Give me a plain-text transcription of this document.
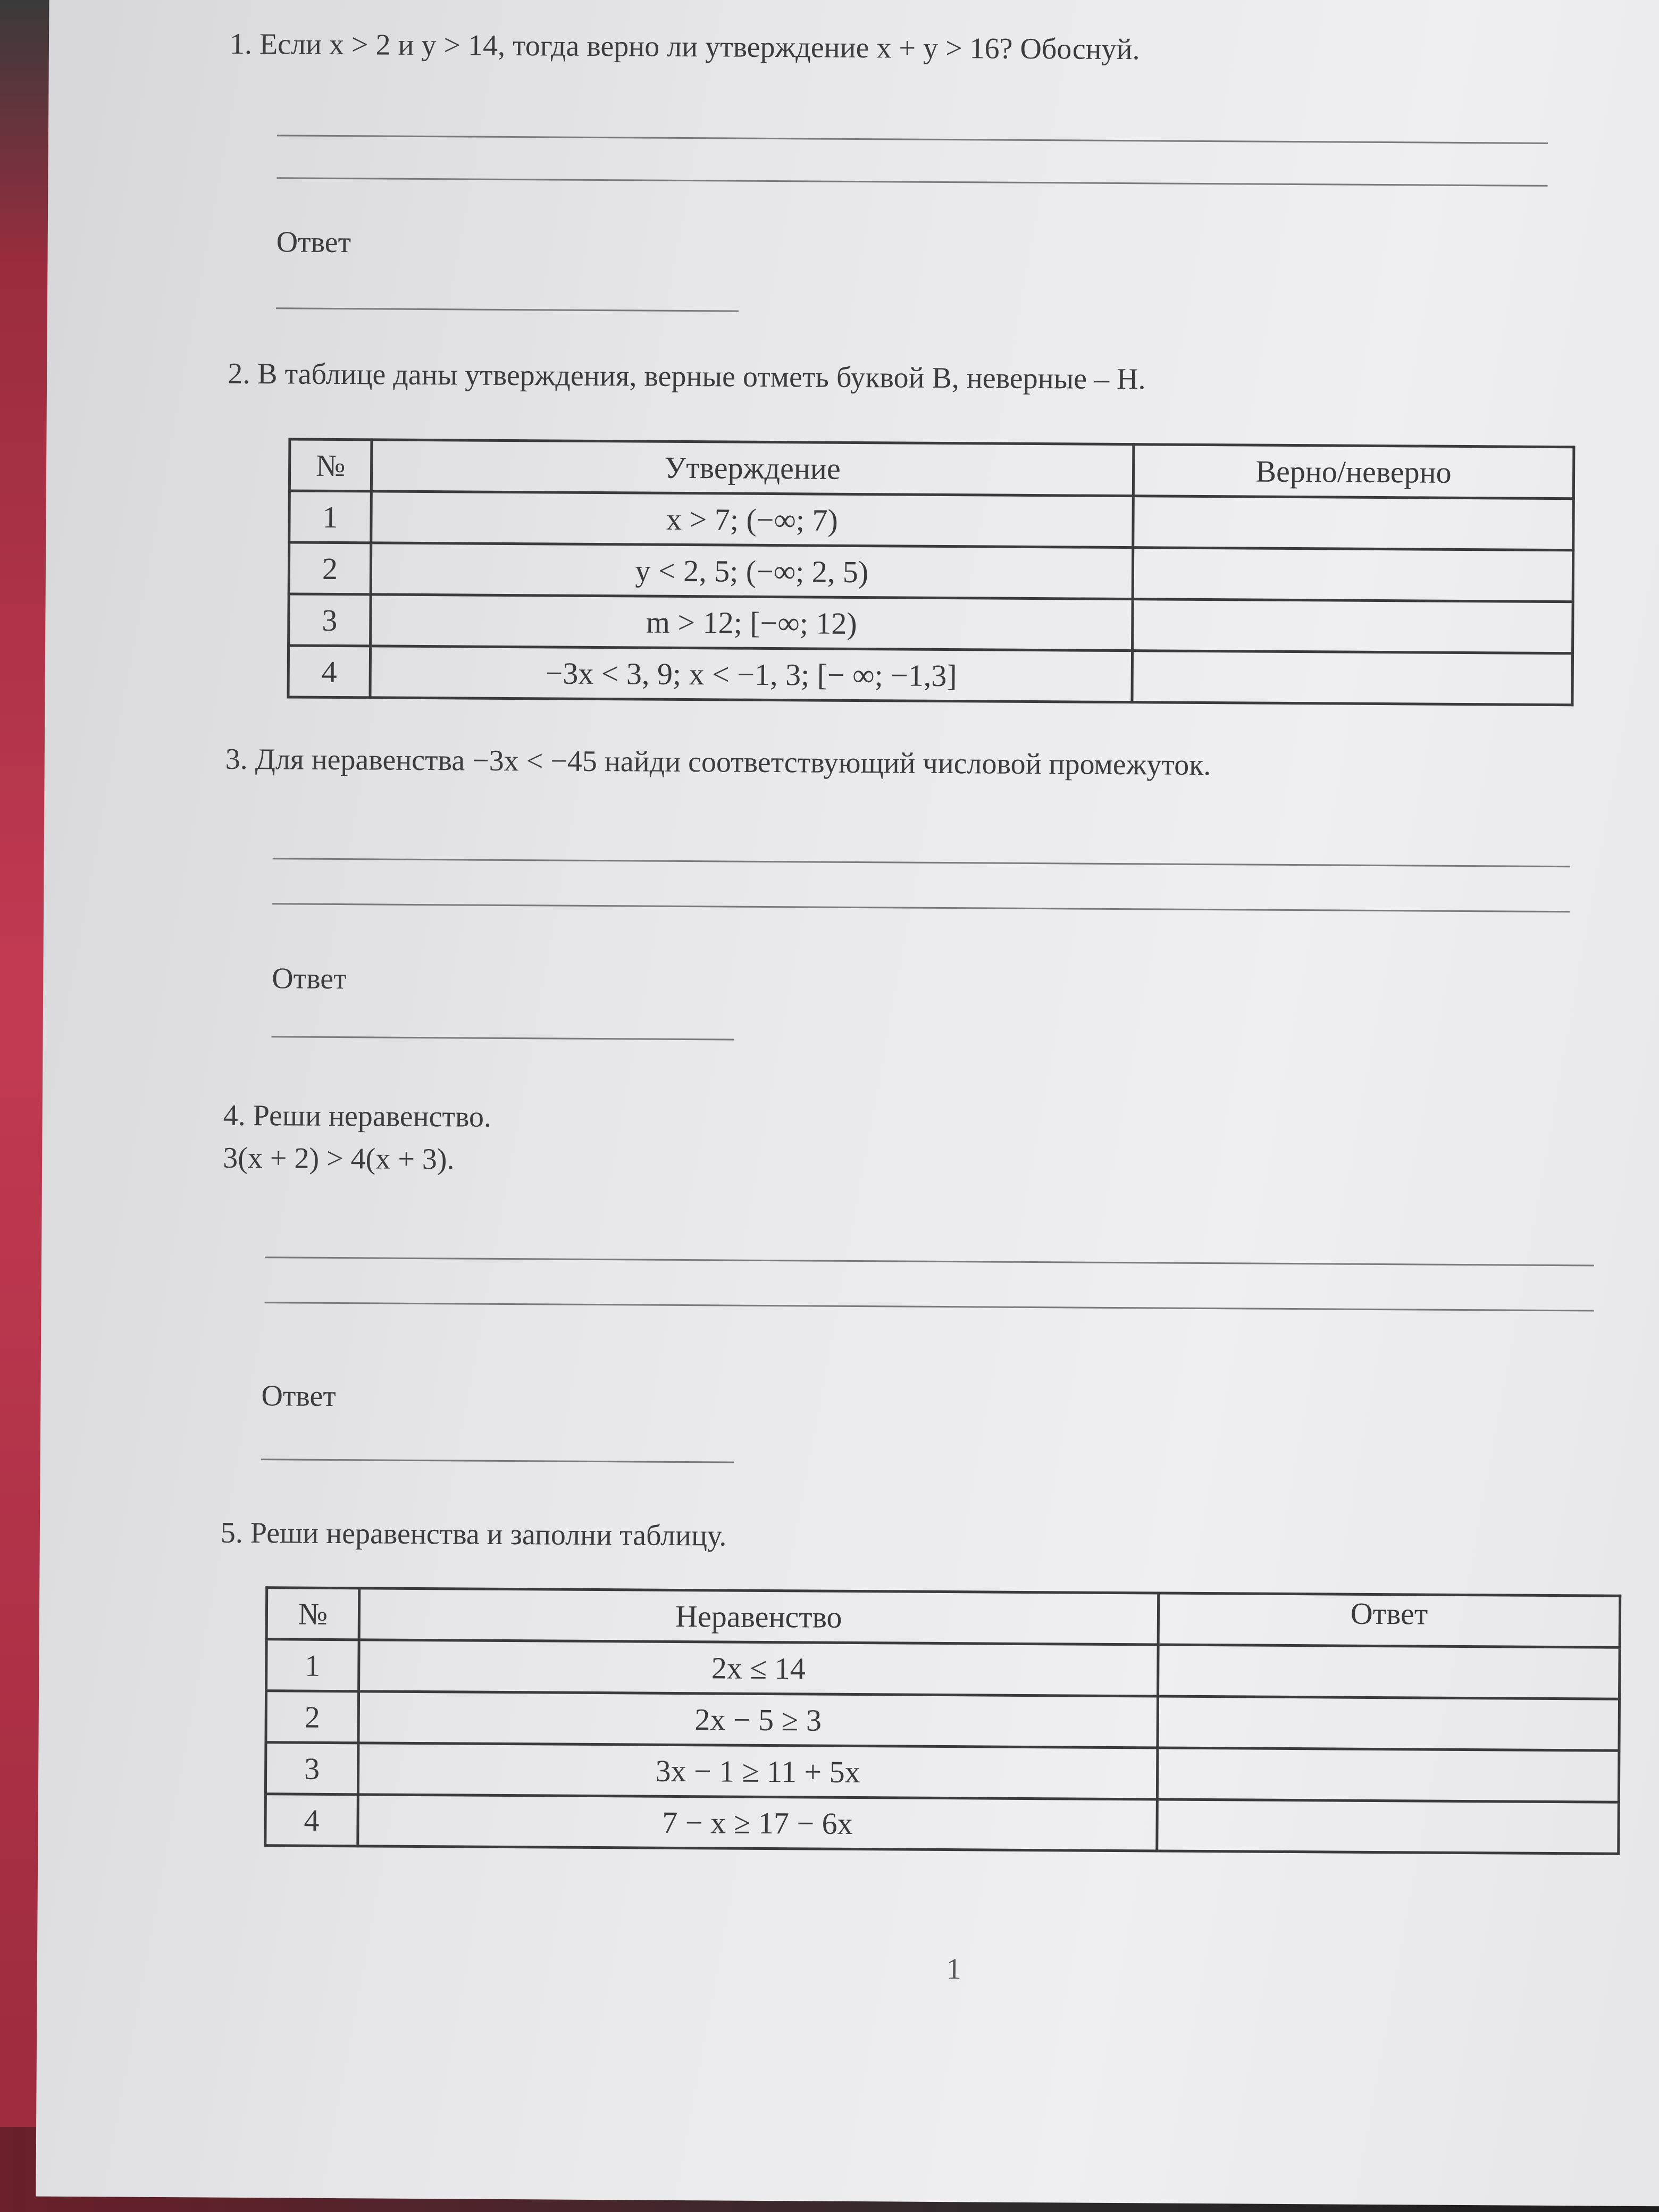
1. Если x > 2 и y > 14, тогда верно ли утверждение x + y > 16? Обоснуй.
Ответ
2. В таблице даны утверждения, верные отметь буквой В, неверные – Н.
№	Утверждение	Верно/неверно
1	x > 7; (−∞; 7)	
2	y < 2, 5; (−∞; 2, 5)	
3	m > 12; [−∞; 12)	
4	−3x < 3, 9; x < −1, 3; [− ∞; −1,3]	
3. Для неравенства −3x < −45 найди соответствующий числовой промежуток.
Ответ
4. Реши неравенство.
3(x + 2) > 4(x + 3).
Ответ
5. Реши неравенства и заполни таблицу.
№	Неравенство	Ответ
1	2x ≤ 14	
2	2x − 5 ≥ 3	
3	3x − 1 ≥ 11 + 5x	
4	7 − x ≥ 17 − 6x	
1
